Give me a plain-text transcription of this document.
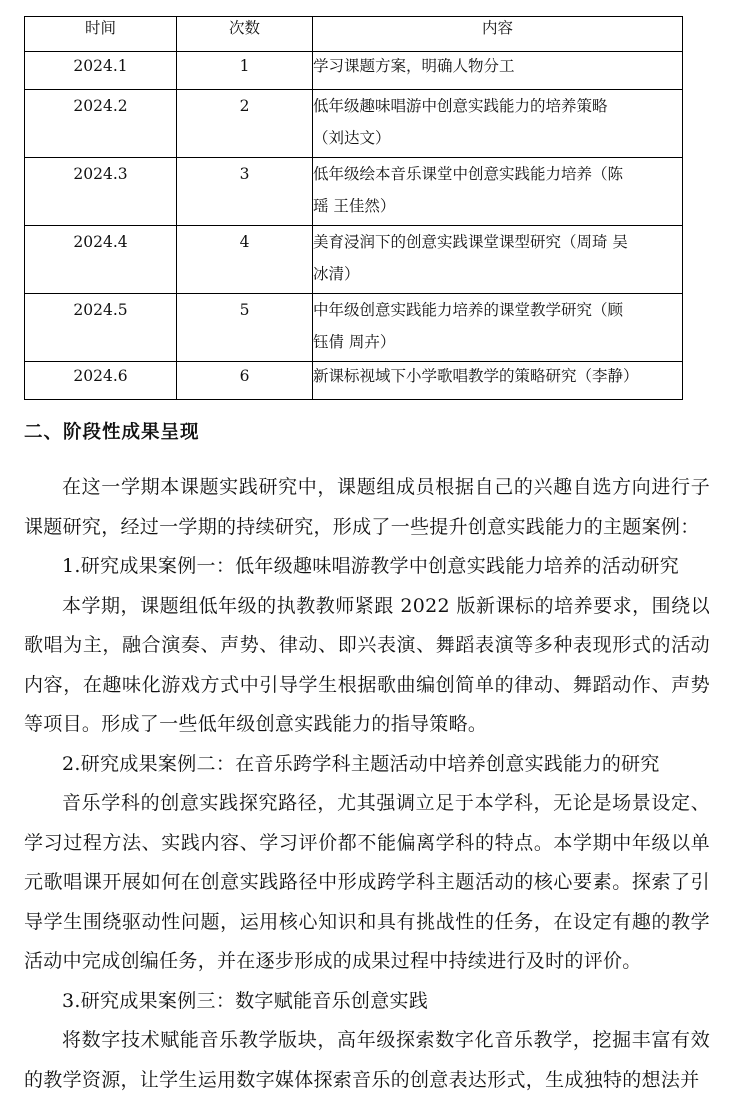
时间	次数	内容
2024.1	1	学习课题方案，明确人物分工

2024.2	2	低年级趣味唱游中创意实践能力的培养策略
（刘达文）

2024.3	3	低年级绘本音乐课堂中创意实践能力培养（陈
瑶 王佳然）

2024.4	4	美育浸润下的创意实践课堂课型研究（周琦 吴
冰清）

2024.5	5	中年级创意实践能力培养的课堂教学研究（顾
钰倩 周卉）

2024.6	6	新课标视域下小学歌唱教学的策略研究（李静）
二、阶段性成果呈现

在这一学期本课题实践研究中，课题组成员根据自己的兴趣自选方向进行子课题研究，经过一学期的持续研究，形成了一些提升创意实践能力的主题案例：

1.研究成果案例一：低年级趣味唱游教学中创意实践能力培养的活动研究

本学期，课题组低年级的执教教师紧跟 2022 版新课标的培养要求，围绕以歌唱为主，融合演奏、声势、律动、即兴表演、舞蹈表演等多种表现形式的活动内容，在趣味化游戏方式中引导学生根据歌曲编创简单的律动、舞蹈动作、声势等项目。形成了一些低年级创意实践能力的指导策略。

2.研究成果案例二：在音乐跨学科主题活动中培养创意实践能力的研究

音乐学科的创意实践探究路径，尤其强调立足于本学科，无论是场景设定、学习过程方法、实践内容、学习评价都不能偏离学科的特点。本学期中年级以单元歌唱课开展如何在创意实践路径中形成跨学科主题活动的核心要素。探索了引导学生围绕驱动性问题，运用核心知识和具有挑战性的任务，在设定有趣的教学活动中完成创编任务，并在逐步形成的成果过程中持续进行及时的评价。

3.研究成果案例三：数字赋能音乐创意实践

将数字技术赋能音乐教学版块，高年级探索数字化音乐教学，挖掘丰富有效的教学资源，让学生运用数字媒体探索音乐的创意表达形式，生成独特的想法并
